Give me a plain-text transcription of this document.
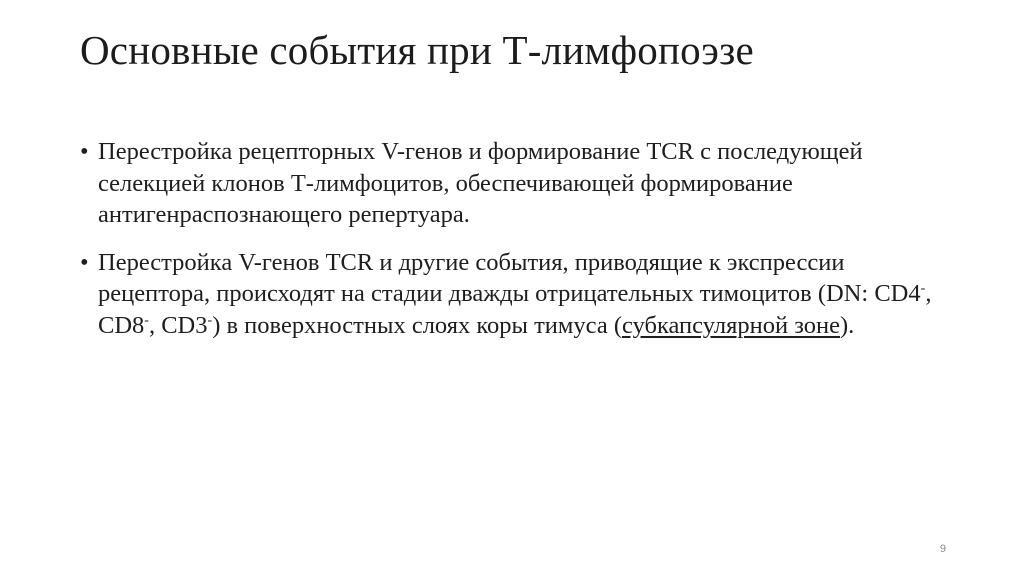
Основные события при Т-лимфопоэзе
• Перестройка рецепторных V-генов и формирование TCR с последующей селекцией клонов Т-лимфоцитов, обеспечивающей формирование антигенраспознающего репертуара.
• Перестройка V-генов TCR и другие события, приводящие к экспрессии рецептора, происходят на стадии дважды отрицательных тимоцитов (DN: CD4-, CD8-, CD3-) в поверхностных слоях коры тимуса (субкапсулярной зоне).
9
